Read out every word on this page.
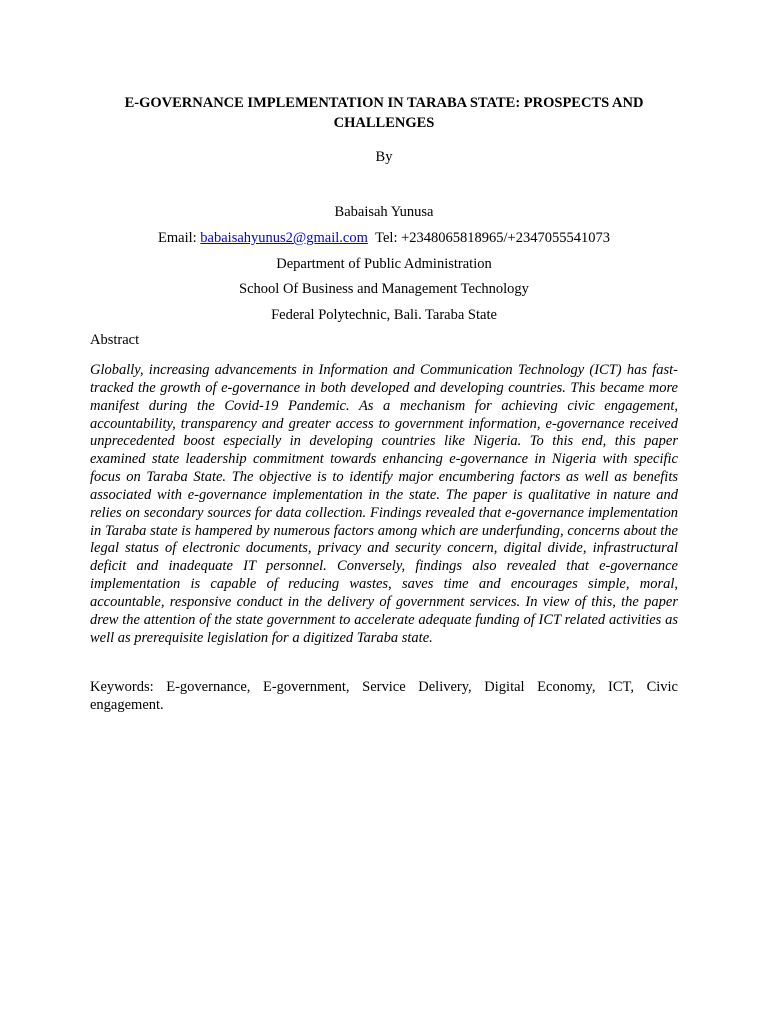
E-GOVERNANCE IMPLEMENTATION IN TARABA STATE: PROSPECTS AND CHALLENGES
By
Babaisah Yunusa
Email: babaisahyunus2@gmail.com Tel: +2348065818965/+2347055541073
Department of Public Administration
School Of Business and Management Technology
Federal Polytechnic, Bali. Taraba State
Abstract
Globally, increasing advancements in Information and Communication Technology (ICT) has fast-tracked the growth of e-governance in both developed and developing countries. This became more manifest during the Covid-19 Pandemic. As a mechanism for achieving civic engagement, accountability, transparency and greater access to government information, e-governance received unprecedented boost especially in developing countries like Nigeria. To this end, this paper examined state leadership commitment towards enhancing e-governance in Nigeria with specific focus on Taraba State. The objective is to identify major encumbering factors as well as benefits associated with e-governance implementation in the state. The paper is qualitative in nature and relies on secondary sources for data collection. Findings revealed that e-governance implementation in Taraba state is hampered by numerous factors among which are underfunding, concerns about the legal status of electronic documents, privacy and security concern, digital divide, infrastructural deficit and inadequate IT personnel. Conversely, findings also revealed that e-governance implementation is capable of reducing wastes, saves time and encourages simple, moral, accountable, responsive conduct in the delivery of government services. In view of this, the paper drew the attention of the state government to accelerate adequate funding of ICT related activities as well as prerequisite legislation for a digitized Taraba state.
Keywords: E-governance, E-government, Service Delivery, Digital Economy, ICT, Civic engagement.
